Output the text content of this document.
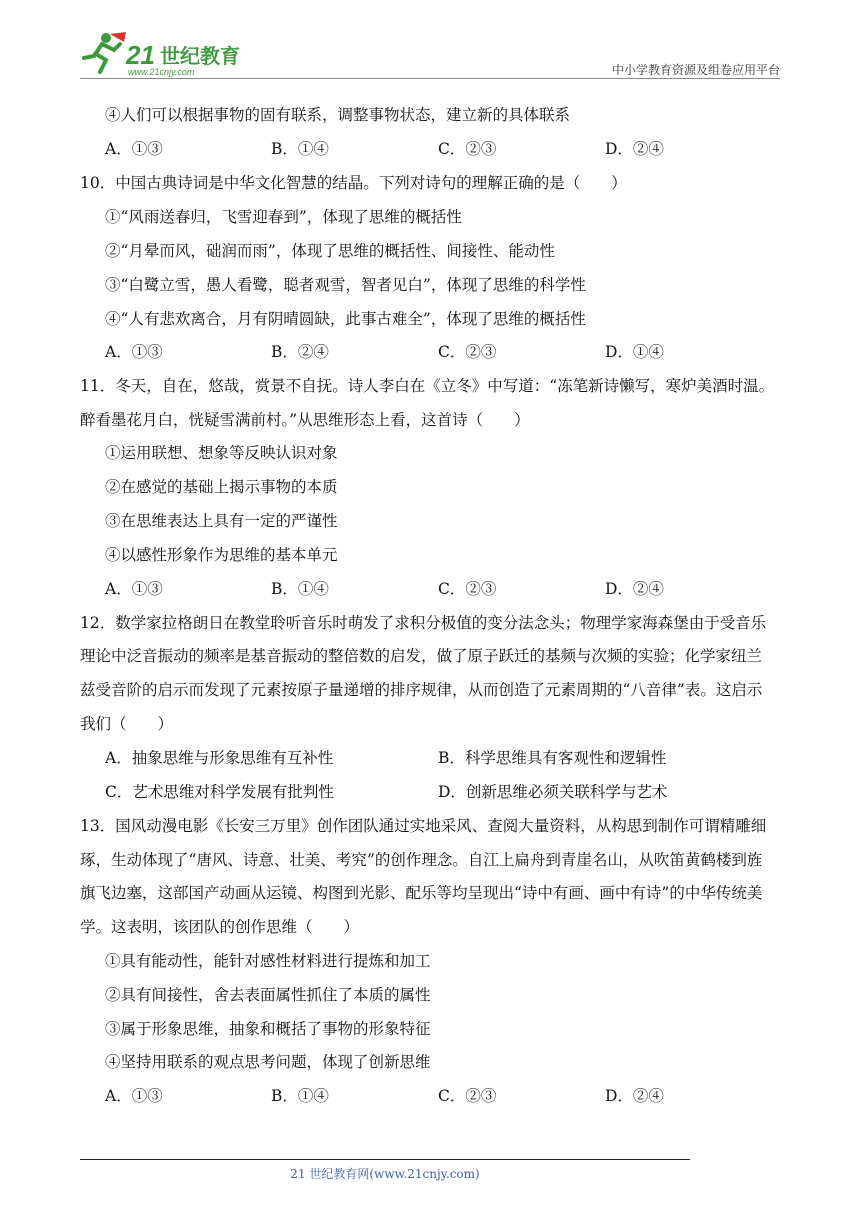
21 世纪教育
www.21cnjy.com	中小学教育资源及组卷应用平台
④人们可以根据事物的固有联系，调整事物状态，建立新的具体联系
A．①③	B．①④	C．②③	D．②④
10．中国古典诗词是中华文化智慧的结晶。下列对诗句的理解正确的是（　　）
①“风雨送春归，飞雪迎春到”，体现了思维的概括性
②“月晕而风，础润而雨”，体现了思维的概括性、间接性、能动性
③“白鹭立雪，愚人看鹭，聪者观雪，智者见白”，体现了思维的科学性
④“人有悲欢离合，月有阴晴圆缺，此事古难全”，体现了思维的概括性
A．①③	B．②④	C．②③	D．①④
11．冬天，自在，悠哉，赏景不自抚。诗人李白在《立冬》中写道：“冻笔新诗懒写，寒炉美酒时温。
醉看墨花月白，恍疑雪满前村。”从思维形态上看，这首诗（　　）
①运用联想、想象等反映认识对象
②在感觉的基础上揭示事物的本质
③在思维表达上具有一定的严谨性
④以感性形象作为思维的基本单元
A．①③	B．①④	C．②③	D．②④
12．数学家拉格朗日在教堂聆听音乐时萌发了求积分极值的变分法念头；物理学家海森堡由于受音乐
理论中泛音振动的频率是基音振动的整倍数的启发，做了原子跃迁的基频与次频的实验；化学家纽兰
兹受音阶的启示而发现了元素按原子量递增的排序规律，从而创造了元素周期的“八音律”表。这启示
我们（　　）
A．抽象思维与形象思维有互补性	B．科学思维具有客观性和逻辑性
C．艺术思维对科学发展有批判性	D．创新思维必须关联科学与艺术
13．国风动漫电影《长安三万里》创作团队通过实地采风、查阅大量资料，从构思到制作可谓精雕细
琢，生动体现了“唐风、诗意、壮美、考究”的创作理念。自江上扁舟到青崖名山，从吹笛黄鹤楼到旌
旗飞边塞，这部国产动画从运镜、构图到光影、配乐等均呈现出“诗中有画、画中有诗”的中华传统美
学。这表明，该团队的创作思维（　　）
①具有能动性，能针对感性材料进行提炼和加工
②具有间接性，舍去表面属性抓住了本质的属性
③属于形象思维，抽象和概括了事物的形象特征
④坚持用联系的观点思考问题，体现了创新思维
A．①③	B．①④	C．②③	D．②④
21 世纪教育网(www.21cnjy.com)
